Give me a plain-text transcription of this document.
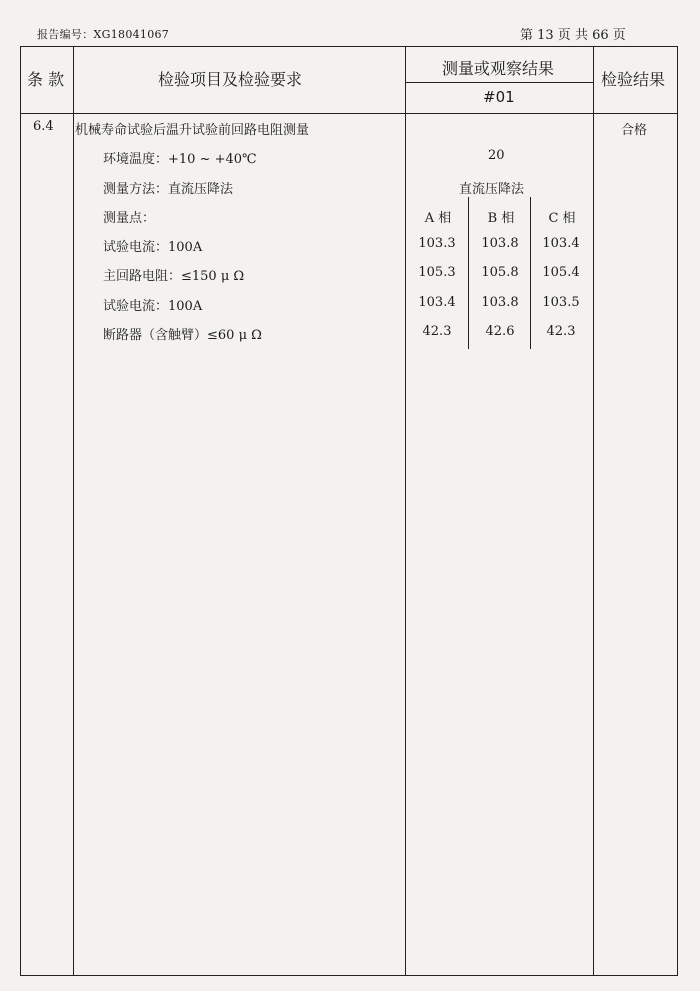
报告编号：XG18041067	第 13 页 共 66 页
条 款	检验项目及检验要求
测量或观察结果
#01
检验结果
6.4 机械寿命试验后温升试验前回路电阻测量	合格
环境温度：+10 ~ +40℃	20
测量方法：直流压降法	直流压降法
测量点：	A 相	B 相	C 相
试验电流：100A	103.3	103.8	103.4
主回路电阻：≤150 μ Ω	105.3	105.8	105.4
试验电流：100A	103.4	103.8	103.5
断路器（含触臂）≤60 μ Ω	42.3	42.6	42.3
